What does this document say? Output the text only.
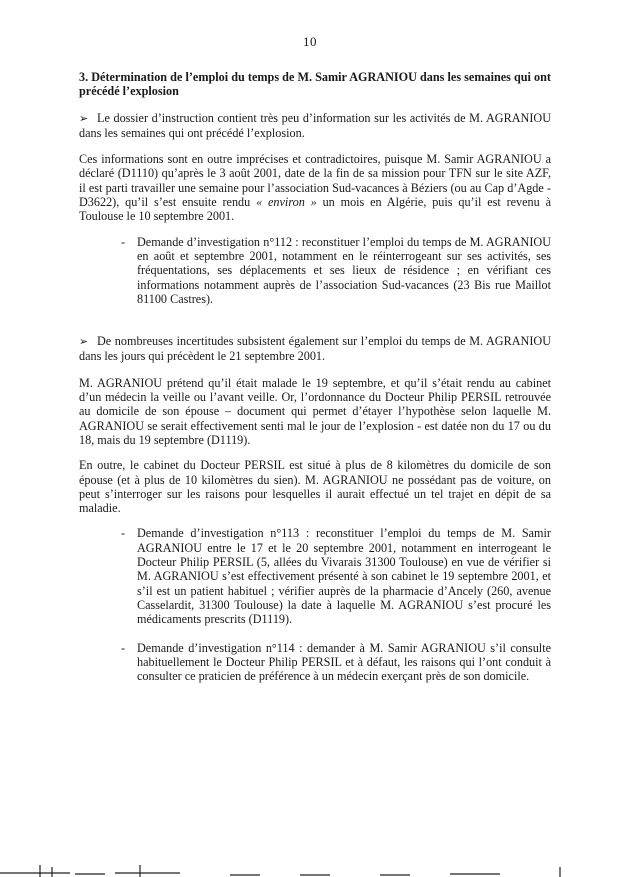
10

3. Détermination de l’emploi du temps de M. Samir AGRANIOU dans les semaines qui ont précédé l’explosion

➢ Le dossier d’instruction contient très peu d’information sur les activités de M. AGRANIOU dans les semaines qui ont précédé l’explosion.

Ces informations sont en outre imprécises et contradictoires, puisque M. Samir AGRANIOU a déclaré (D1110) qu’après le 3 août 2001, date de la fin de sa mission pour TFN sur le site AZF, il est parti travailler une semaine pour l’association Sud-vacances à Béziers (ou au Cap d’Agde - D3622), qu’il s’est ensuite rendu « environ » un mois en Algérie, puis qu’il est revenu à Toulouse le 10 septembre 2001.

- Demande d’investigation n°112 : reconstituer l’emploi du temps de M. AGRANIOU en août et septembre 2001, notamment en le réinterrogeant sur ses activités, ses fréquentations, ses déplacements et ses lieux de résidence ; en vérifiant ces informations notamment auprès de l’association Sud-vacances (23 Bis rue Maillot 81100 Castres).

➢ De nombreuses incertitudes subsistent également sur l’emploi du temps de M. AGRANIOU dans les jours qui précèdent le 21 septembre 2001.

M. AGRANIOU prétend qu’il était malade le 19 septembre, et qu’il s’était rendu au cabinet d’un médecin la veille ou l’avant veille. Or, l’ordonnance du Docteur Philip PERSIL retrouvée au domicile de son épouse – document qui permet d’étayer l’hypothèse selon laquelle M. AGRANIOU se serait effectivement senti mal le jour de l’explosion - est datée non du 17 ou du 18, mais du 19 septembre (D1119).

En outre, le cabinet du Docteur PERSIL est situé à plus de 8 kilomètres du domicile de son épouse (et à plus de 10 kilomètres du sien). M. AGRANIOU ne possédant pas de voiture, on peut s’interroger sur les raisons pour lesquelles il aurait effectué un tel trajet en dépit de sa maladie.

- Demande d’investigation n°113 : reconstituer l’emploi du temps de M. Samir AGRANIOU entre le 17 et le 20 septembre 2001, notamment en interrogeant le Docteur Philip PERSIL (5, allées du Vivarais 31300 Toulouse) en vue de vérifier si M. AGRANIOU s’est effectivement présenté à son cabinet le 19 septembre 2001, et s’il est un patient habituel ; vérifier auprès de la pharmacie d’Ancely (260, avenue Casselardit, 31300 Toulouse) la date à laquelle M. AGRANIOU s’est procuré les médicaments prescrits (D1119).

- Demande d’investigation n°114 : demander à M. Samir AGRANIOU s’il consulte habituellement le Docteur Philip PERSIL et à défaut, les raisons qui l’ont conduit à consulter ce praticien de préférence à un médecin exerçant près de son domicile.
